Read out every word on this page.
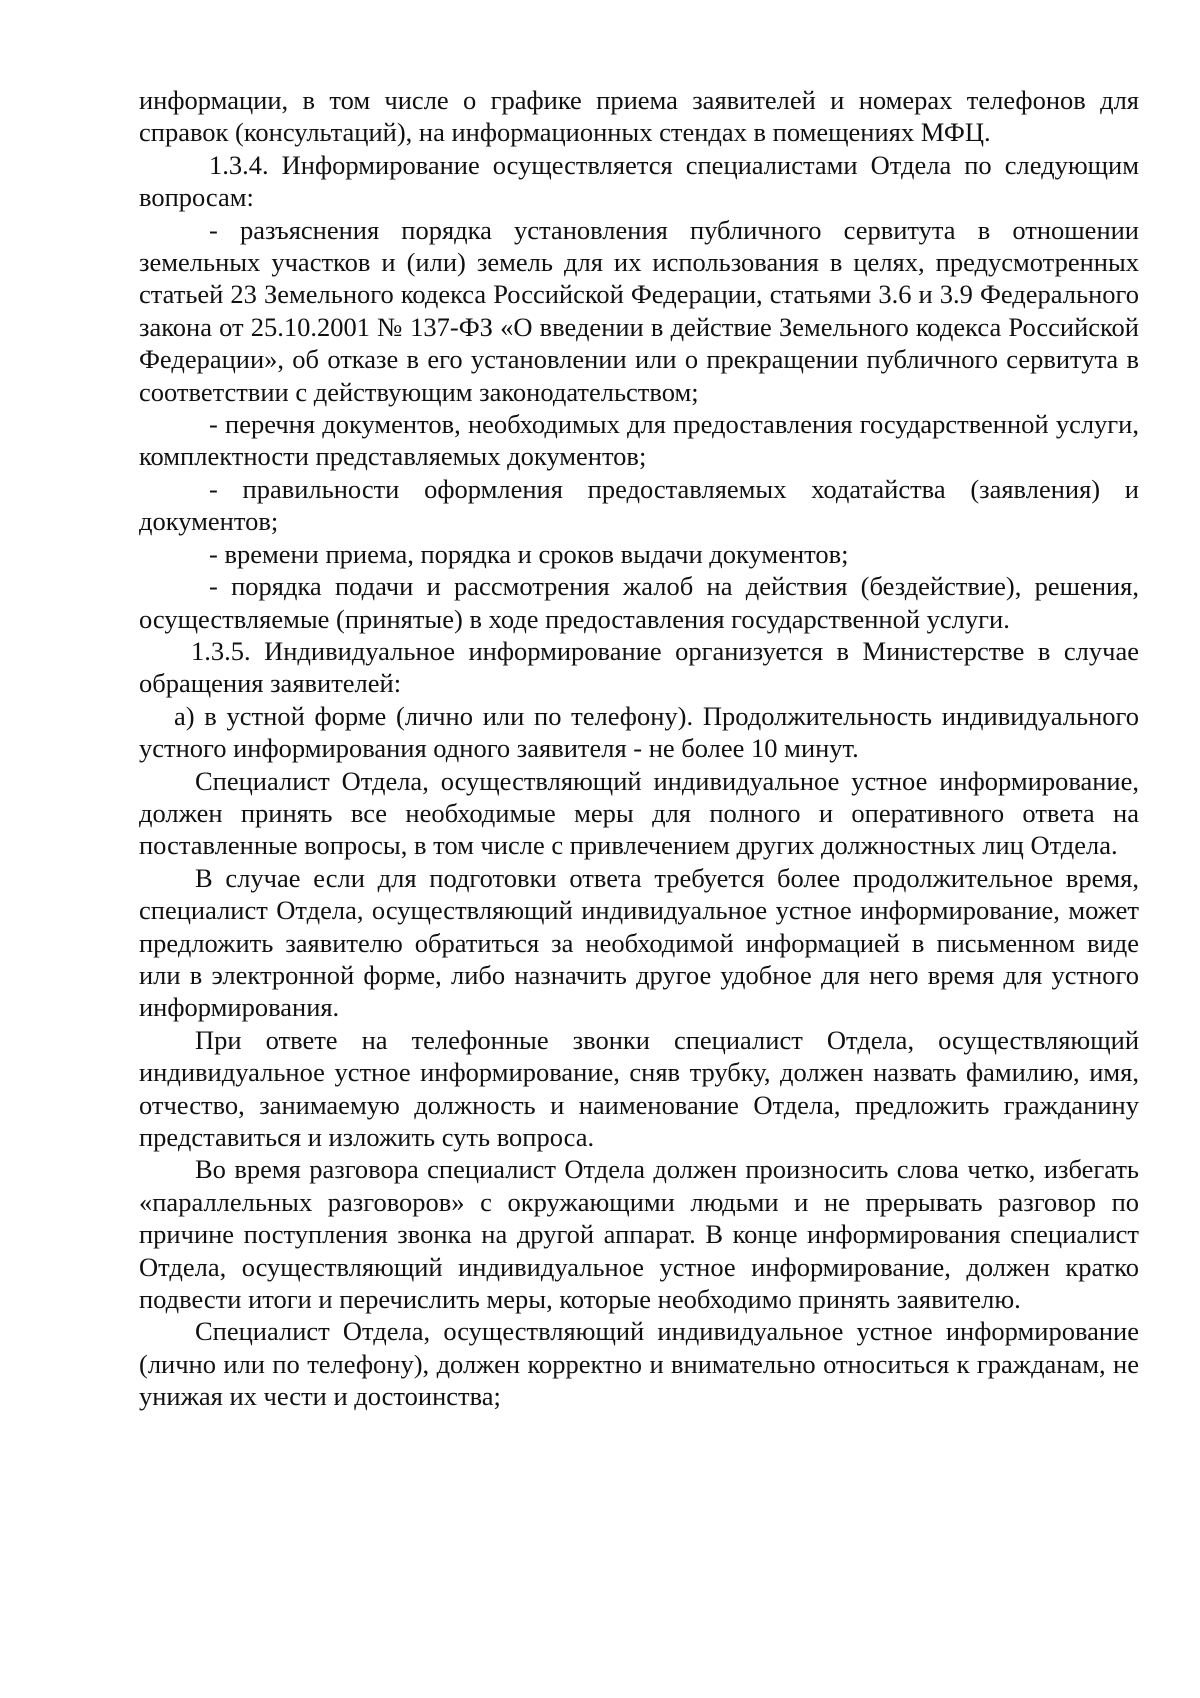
информации, в том числе о графике приема заявителей и номерах телефонов для справок (консультаций), на информационных стендах в помещениях МФЦ.

1.3.4. Информирование осуществляется специалистами Отдела по следующим вопросам:

- разъяснения порядка установления публичного сервитута в отношении земельных участков и (или) земель для их использования в целях, предусмотренных статьей 23 Земельного кодекса Российской Федерации, статьями 3.6 и 3.9 Федерального закона от 25.10.2001 № 137-ФЗ «О введении в действие Земельного кодекса Российской Федерации», об отказе в его установлении или о прекращении публичного сервитута в соответствии с действующим законодательством;

- перечня документов, необходимых для предоставления государственной услуги, комплектности представляемых документов;

- правильности оформления предоставляемых ходатайства (заявления) и документов;

- времени приема, порядка и сроков выдачи документов;

- порядка подачи и рассмотрения жалоб на действия (бездействие), решения, осуществляемые (принятые) в ходе предоставления государственной услуги.

1.3.5. Индивидуальное информирование организуется в Министерстве в случае обращения заявителей:

а) в устной форме (лично или по телефону). Продолжительность индивидуального устного информирования одного заявителя - не более 10 минут.

Специалист Отдела, осуществляющий индивидуальное устное информирование, должен принять все необходимые меры для полного и оперативного ответа на поставленные вопросы, в том числе с привлечением других должностных лиц Отдела.

В случае если для подготовки ответа требуется более продолжительное время, специалист Отдела, осуществляющий индивидуальное устное информирование, может предложить заявителю обратиться за необходимой информацией в письменном виде или в электронной форме, либо назначить другое удобное для него время для устного информирования.

При ответе на телефонные звонки специалист Отдела, осуществляющий индивидуальное устное информирование, сняв трубку, должен назвать фамилию, имя, отчество, занимаемую должность и наименование Отдела, предложить гражданину представиться и изложить суть вопроса.

Во время разговора специалист Отдела должен произносить слова четко, избегать «параллельных разговоров» с окружающими людьми и не прерывать разговор по причине поступления звонка на другой аппарат. В конце информирования специалист Отдела, осуществляющий индивидуальное устное информирование, должен кратко подвести итоги и перечислить меры, которые необходимо принять заявителю.

Специалист Отдела, осуществляющий индивидуальное устное информирование (лично или по телефону), должен корректно и внимательно относиться к гражданам, не унижая их чести и достоинства;
